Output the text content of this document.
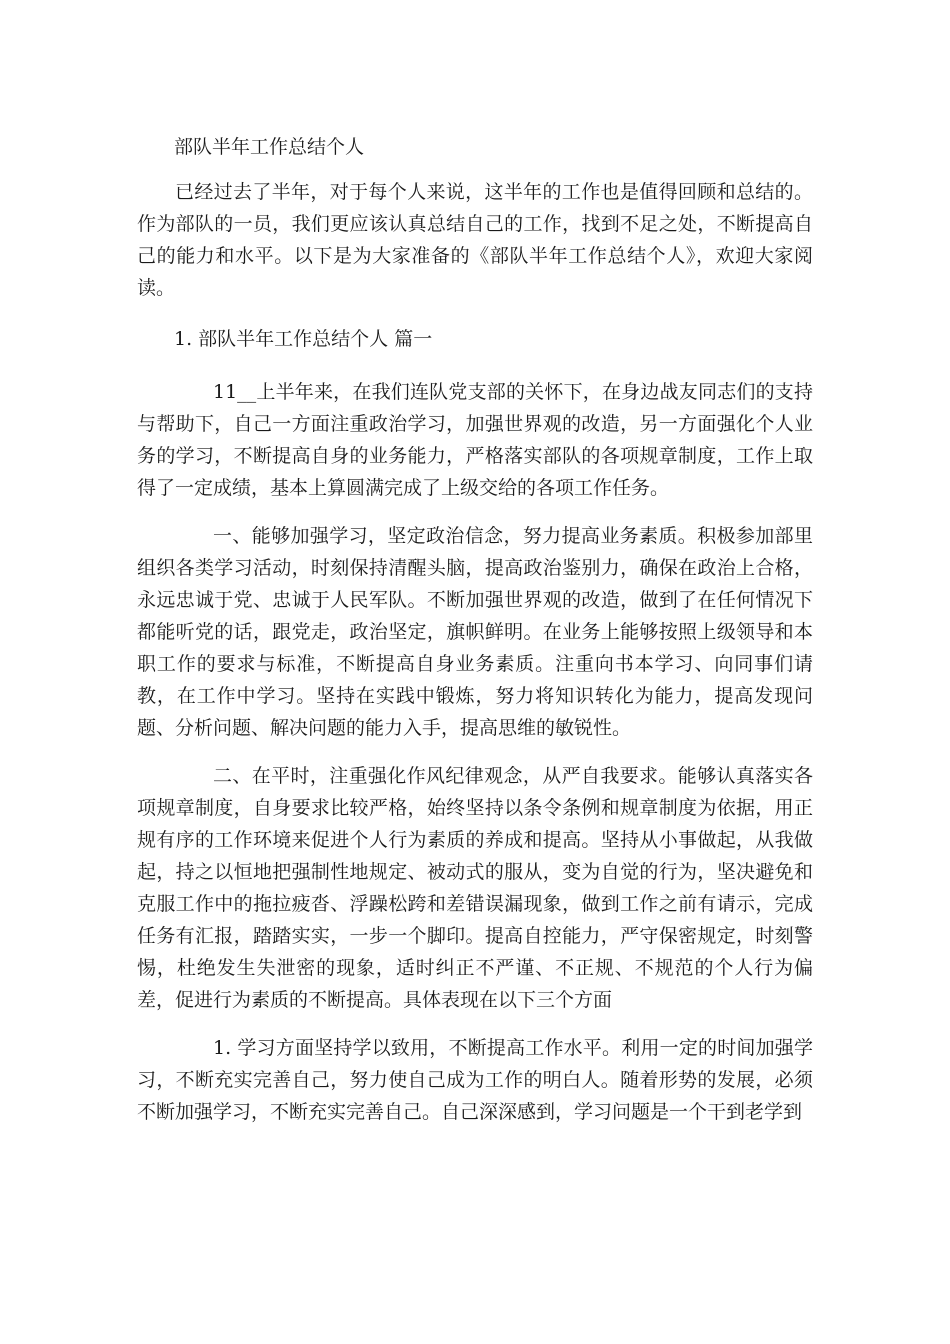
部队半年工作总结个人

已经过去了半年，对于每个人来说，这半年的工作也是值得回顾和总结的。作为部队的一员，我们更应该认真总结自己的工作，找到不足之处，不断提高自己的能力和水平。以下是为大家准备的《部队半年工作总结个人》，欢迎大家阅读。

1. 部队半年工作总结个人 篇一

11__上半年来，在我们连队党支部的关怀下，在身边战友同志们的支持与帮助下，自己一方面注重政治学习，加强世界观的改造，另一方面强化个人业务的学习，不断提高自身的业务能力，严格落实部队的各项规章制度，工作上取得了一定成绩，基本上算圆满完成了上级交给的各项工作任务。

一、能够加强学习，坚定政治信念，努力提高业务素质。积极参加部里组织各类学习活动，时刻保持清醒头脑，提高政治鉴别力，确保在政治上合格，永远忠诚于党、忠诚于人民军队。不断加强世界观的改造，做到了在任何情况下都能听党的话，跟党走，政治坚定，旗帜鲜明。在业务上能够按照上级领导和本职工作的要求与标准，不断提高自身业务素质。注重向书本学习、向同事们请教，在工作中学习。坚持在实践中锻炼，努力将知识转化为能力，提高发现问题、分析问题、解决问题的能力入手，提高思维的敏锐性。

二、在平时，注重强化作风纪律观念，从严自我要求。能够认真落实各项规章制度，自身要求比较严格，始终坚持以条令条例和规章制度为依据，用正规有序的工作环境来促进个人行为素质的养成和提高。坚持从小事做起，从我做起，持之以恒地把强制性地规定、被动式的服从，变为自觉的行为，坚决避免和克服工作中的拖拉疲沓、浮躁松跨和差错误漏现象，做到工作之前有请示，完成任务有汇报，踏踏实实，一步一个脚印。提高自控能力，严守保密规定，时刻警惕，杜绝发生失泄密的现象，适时纠正不严谨、不正规、不规范的个人行为偏差，促进行为素质的不断提高。具体表现在以下三个方面

1. 学习方面坚持学以致用，不断提高工作水平。利用一定的时间加强学习，不断充实完善自己，努力使自己成为工作的明白人。随着形势的发展，必须不断加强学习，不断充实完善自己。自己深深感到，学习问题是一个干到老学到
